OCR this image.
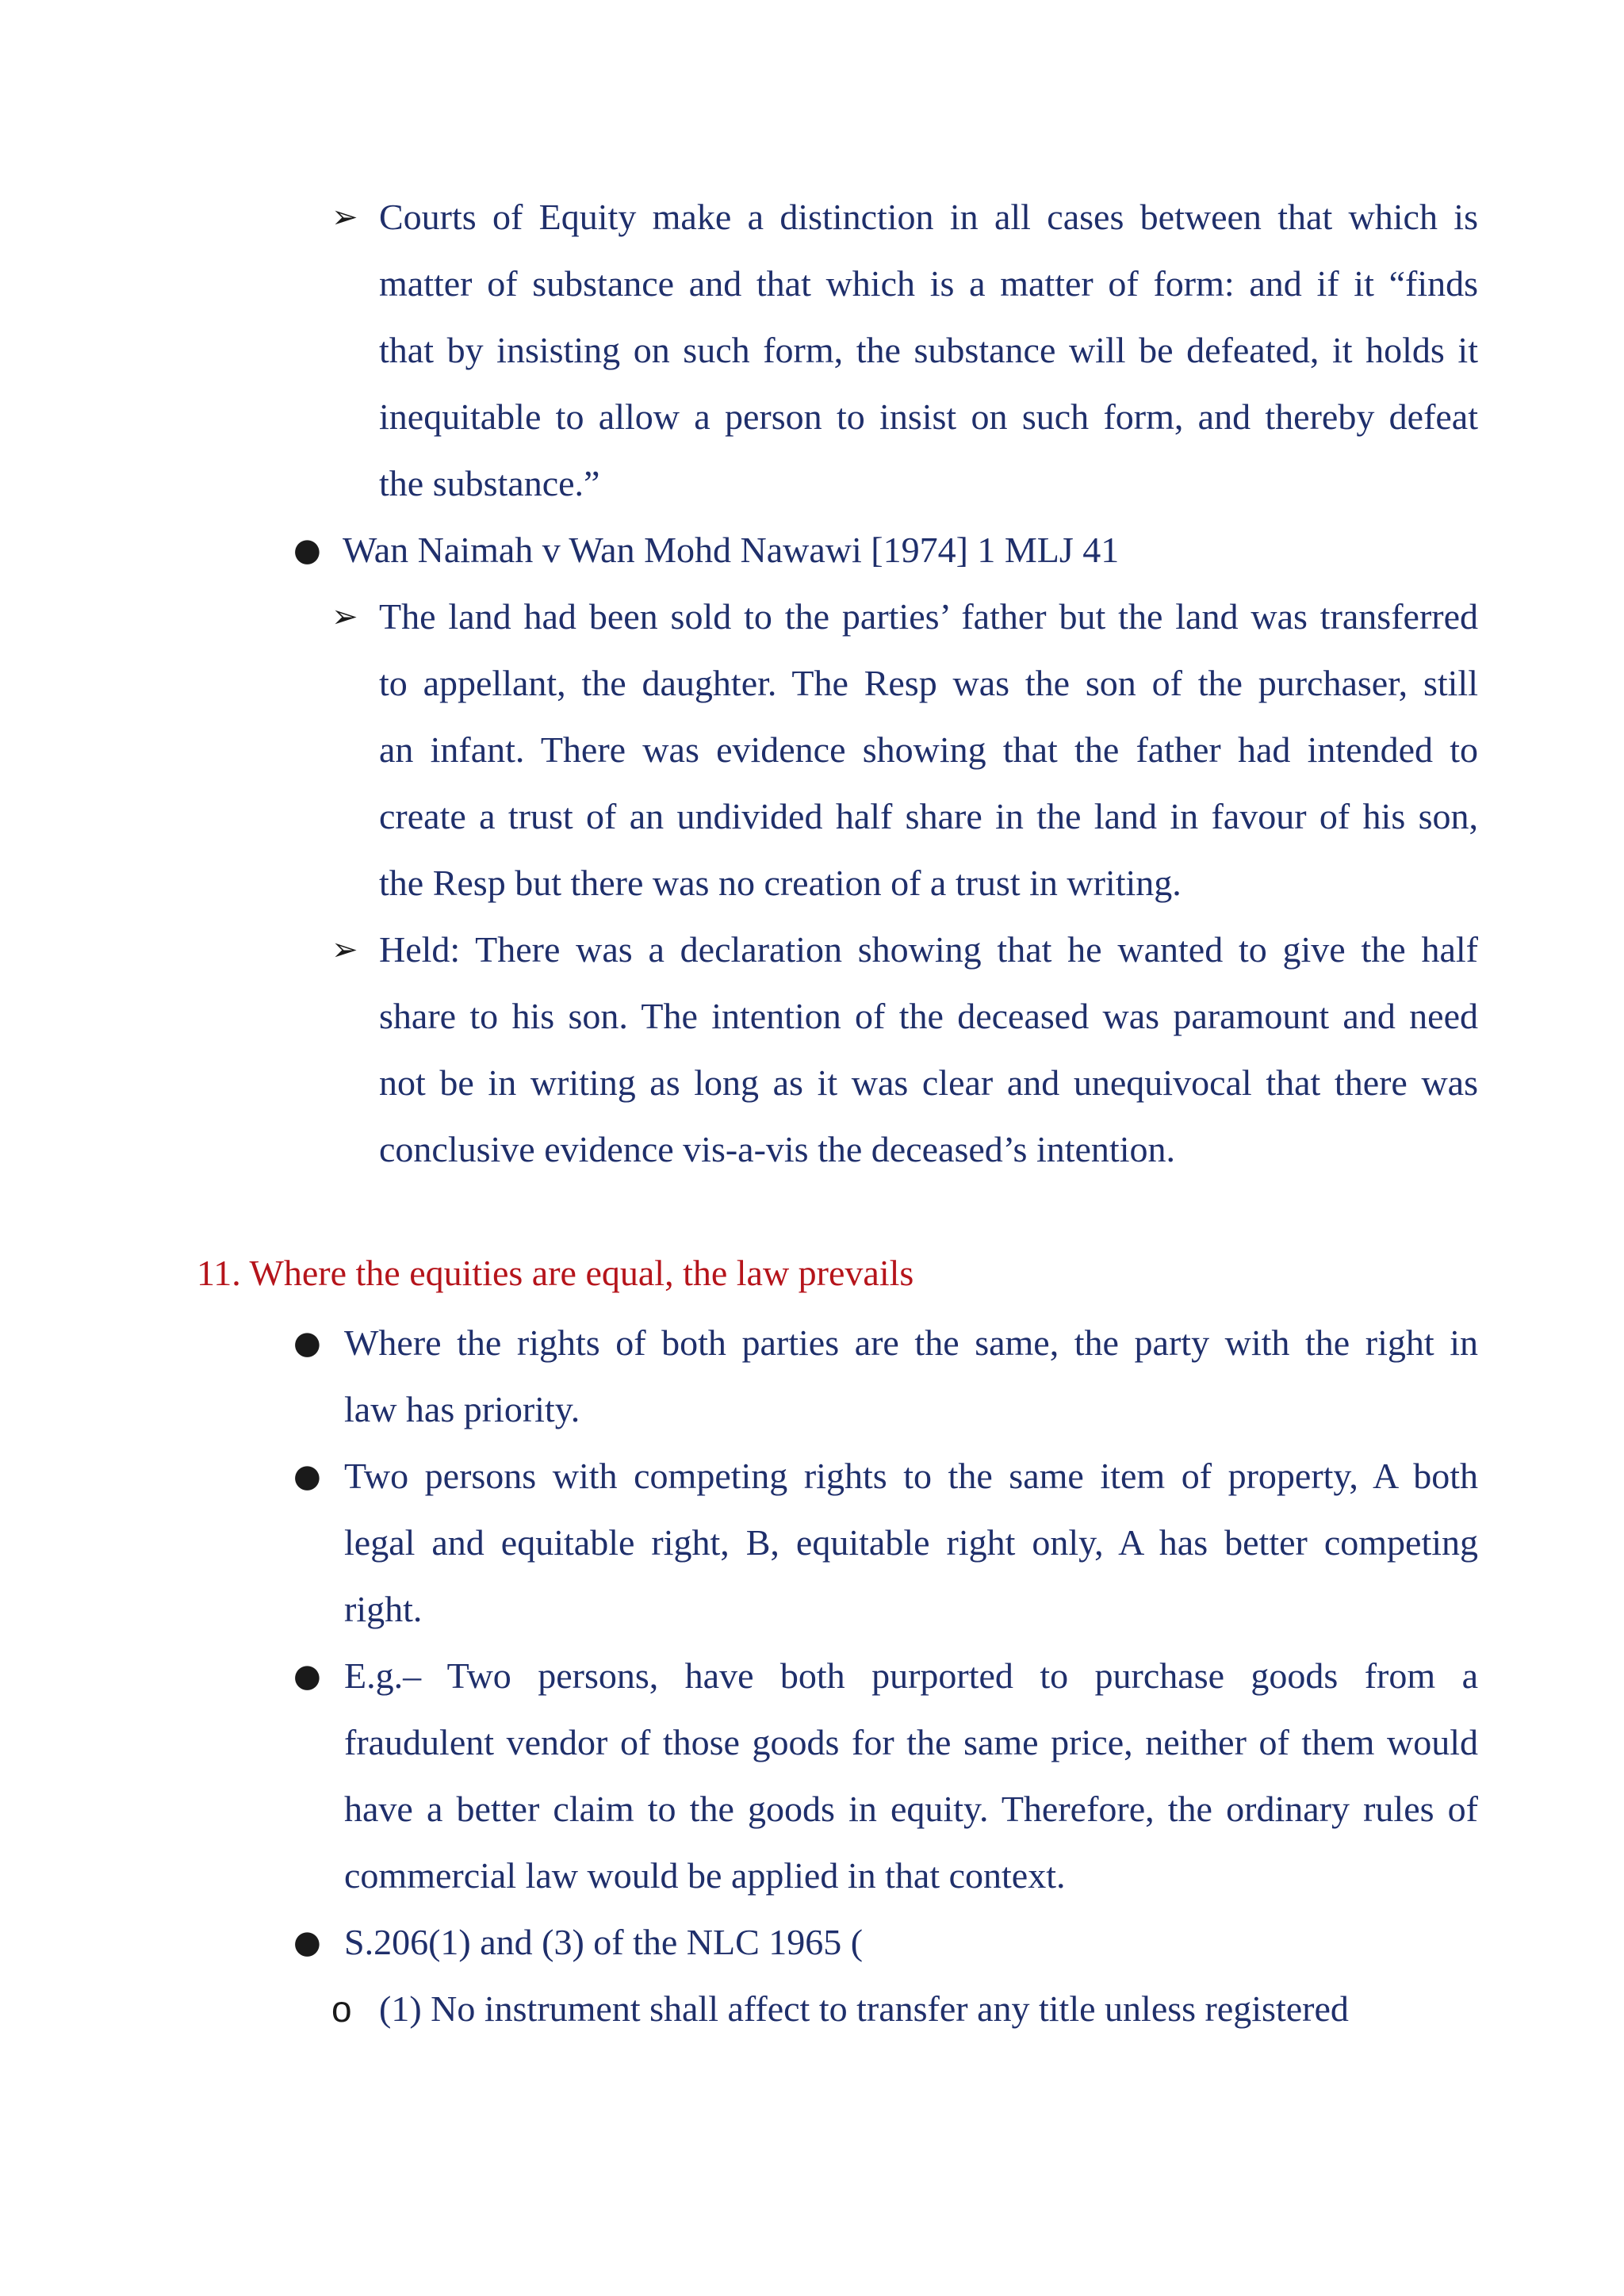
➢ Courts of Equity make a distinction in all cases between that which is
matter of substance and that which is a matter of form: and if it “finds
that by insisting on such form, the substance will be defeated, it holds it
inequitable to allow a person to insist on such form, and thereby defeat
the substance.”
● Wan Naimah v Wan Mohd Nawawi [1974] 1 MLJ 41
➢ The land had been sold to the parties’ father but the land was transferred
to appellant, the daughter. The Resp was the son of the purchaser, still
an infant. There was evidence showing that the father had intended to
create a trust of an undivided half share in the land in favour of his son,
the Resp but there was no creation of a trust in writing.
➢ Held: There was a declaration showing that he wanted to give the half
share to his son. The intention of the deceased was paramount and need
not be in writing as long as it was clear and unequivocal that there was
conclusive evidence vis-a-vis the deceased’s intention.
11. Where the equities are equal, the law prevails
● Where the rights of both parties are the same, the party with the right in
law has priority.
● Two persons with competing rights to the same item of property, A both
legal and equitable right, B, equitable right only, A has better competing
right.
● E.g.– Two persons, have both purported to purchase goods from a
fraudulent vendor of those goods for the same price, neither of them would
have a better claim to the goods in equity. Therefore, the ordinary rules of
commercial law would be applied in that context.
● S.206(1) and (3) of the NLC 1965 (
o (1) No instrument shall affect to transfer any title unless registered
